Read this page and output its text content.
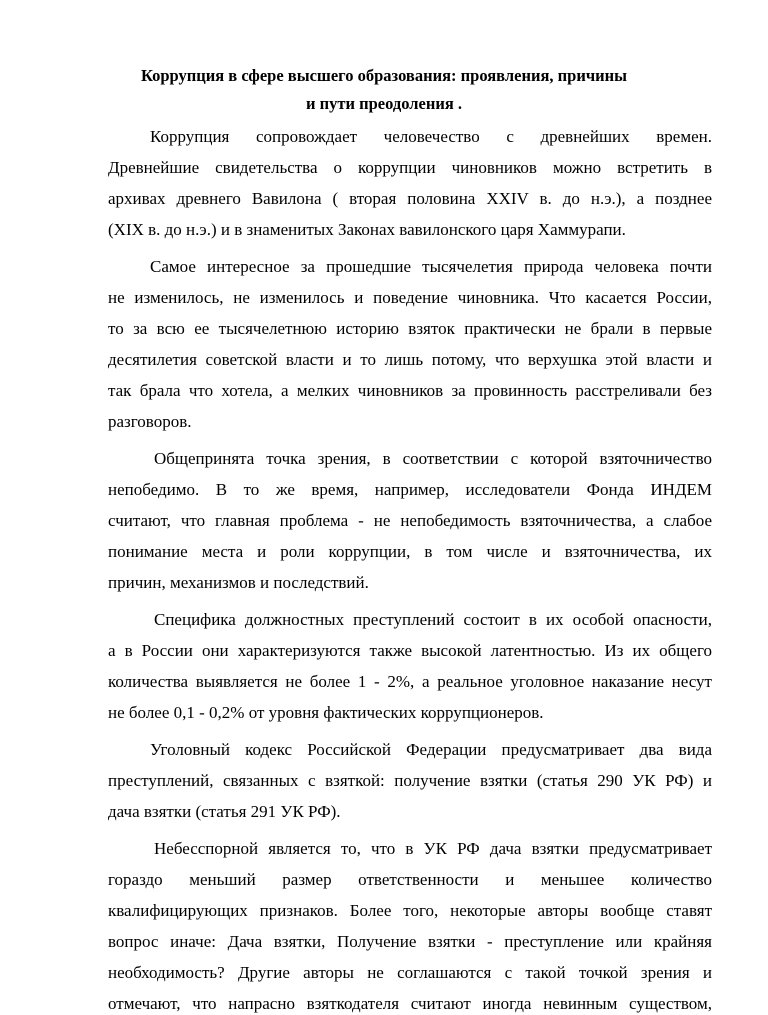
Коррупция в сфере высшего образования: проявления, причины
и пути преодоления .
Коррупция сопровождает человечество с древнейших времен.
Древнейшие свидетельства о коррупции чиновников можно встретить в
архивах древнего Вавилона ( вторая половина XXIV в. до н.э.), а позднее
(XIX в. до н.э.) и в знаменитых Законах вавилонского царя Хаммурапи.
Самое интересное за прошедшие тысячелетия природа человека почти
не изменилось, не изменилось и поведение чиновника. Что касается России,
то за всю ее тысячелетнюю историю взяток практически не брали в первые
десятилетия советской власти и то лишь потому, что верхушка этой власти и
так брала что хотела, а мелких чиновников за провинность расстреливали без
разговоров.
Общепринята точка зрения, в соответствии с которой взяточничество
непобедимо. В то же время, например, исследователи Фонда ИНДЕМ
считают, что главная проблема - не непобедимость взяточничества, а слабое
понимание места и роли коррупции, в том числе и взяточничества, их
причин, механизмов и последствий.
Специфика должностных преступлений состоит в их особой опасности,
а в России они характеризуются также высокой латентностью. Из их общего
количества выявляется не более 1 - 2%, а реальное уголовное наказание несут
не более 0,1 - 0,2% от уровня фактических коррупционеров.
Уголовный кодекс Российской Федерации предусматривает два вида
преступлений, связанных с взяткой: получение взятки (статья 290 УК РФ) и
дача взятки (статья 291 УК РФ).
Небесспорной является то, что в УК РФ дача взятки предусматривает
гораздо меньший размер ответственности и меньшее количество
квалифицирующих признаков. Более того, некоторые авторы вообще ставят
вопрос иначе: Дача взятки, Получение взятки - преступление или крайняя
необходимость? Другие авторы не соглашаются с такой точкой зрения и
отмечают, что напрасно взяткодателя считают иногда невинным существом,
